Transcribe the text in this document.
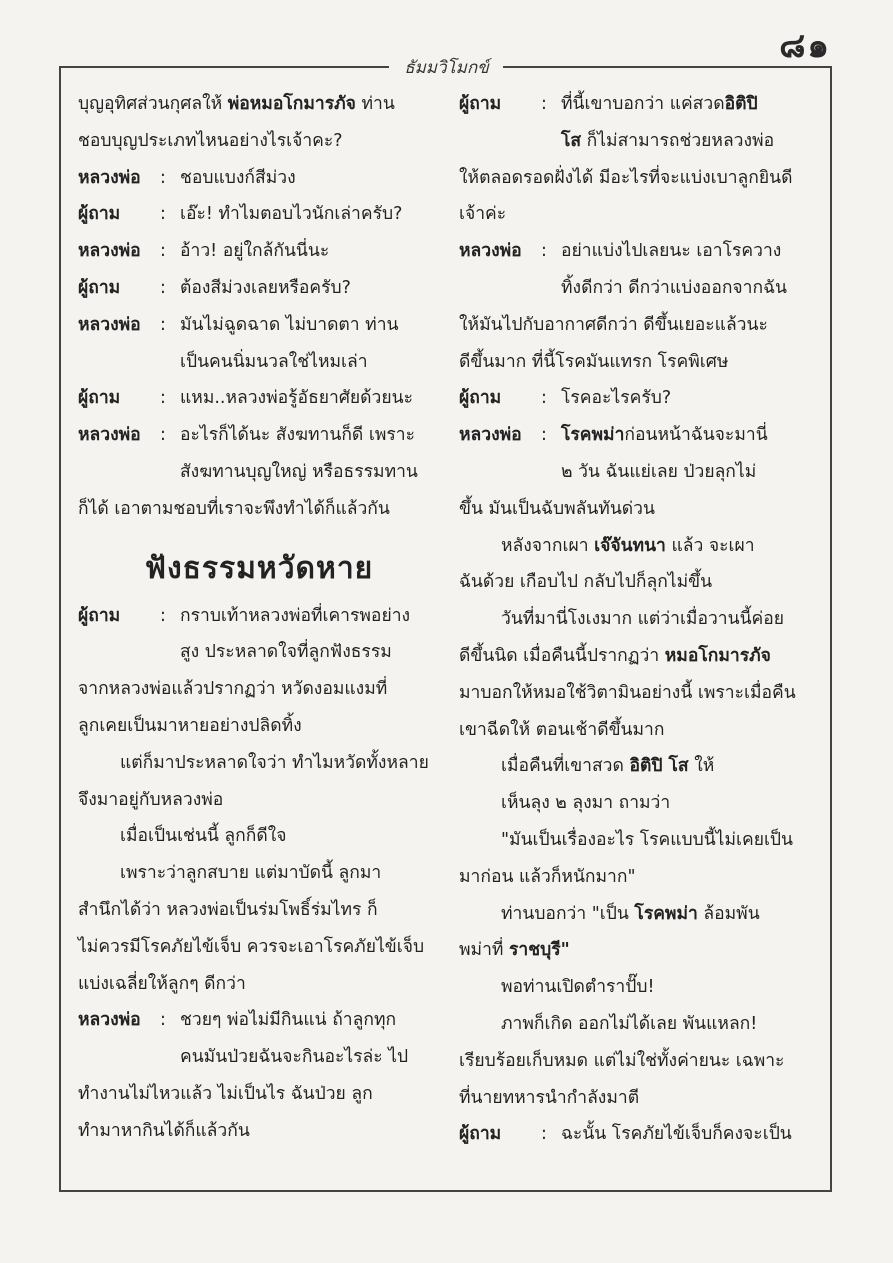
๘๑
ธัมมวิโมกข์
บุญอุทิศส่วนกุศลให้ พ่อหมอโกมารภัจ ท่าน
ชอบบุญประเภทไหนอย่างไรเจ้าคะ?
หลวงพ่อ	: ชอบแบงก์สีม่วง
ผู้ถาม	: เอ๊ะ! ทำไมตอบไวนักเล่าครับ?
หลวงพ่อ	: อ้าว! อยู่ใกล้กันนี่นะ
ผู้ถาม	: ต้องสีม่วงเลยหรือครับ?
หลวงพ่อ	: มันไม่ฉูดฉาด ไม่บาดตา ท่าน
เป็นคนนิ่มนวลใช่ไหมเล่า
ผู้ถาม	: แหม..หลวงพ่อรู้อัธยาศัยด้วยนะ
หลวงพ่อ	: อะไรก็ได้นะ สังฆทานก็ดี เพราะ
สังฆทานบุญใหญ่ หรือธรรมทาน
ก็ได้ เอาตามชอบที่เราจะพึงทำได้ก็แล้วกัน
ฟังธรรมหวัดหาย
ผู้ถาม	: กราบเท้าหลวงพ่อที่เคารพอย่าง
สูง ประหลาดใจที่ลูกฟังธรรม
จากหลวงพ่อแล้วปรากฏว่า หวัดงอมแงมที่
ลูกเคยเป็นมาหายอย่างปลิดทิ้ง
แต่ก็มาประหลาดใจว่า ทำไมหวัดทั้งหลาย
จึงมาอยู่กับหลวงพ่อ
เมื่อเป็นเช่นนี้ ลูกก็ดีใจ
เพราะว่าลูกสบาย แต่มาบัดนี้ ลูกมา
สำนึกได้ว่า หลวงพ่อเป็นร่มโพธิ์ร่มไทร ก็
ไม่ควรมีโรคภัยไข้เจ็บ ควรจะเอาโรคภัยไข้เจ็บ
แบ่งเฉลี่ยให้ลูกๆ ดีกว่า
หลวงพ่อ	: ชวยๆ พ่อไม่มีกินแน่ ถ้าลูกทุก
คนมันป่วยฉันจะกินอะไรล่ะ ไป
ทำงานไม่ไหวแล้ว ไม่เป็นไร ฉันป่วย ลูก
ทำมาหากินได้ก็แล้วกัน
ผู้ถาม	: ที่นี้เขาบอกว่า แค่สวด อิติปิ
โส ก็ไม่สามารถช่วยหลวงพ่อ
ให้ตลอดรอดฝั่งได้ มีอะไรที่จะแบ่งเบาลูกยินดี
เจ้าค่ะ
หลวงพ่อ	: อย่าแบ่งไปเลยนะ เอาโรควาง
ทิ้งดีกว่า ดีกว่าแบ่งออกจากฉัน
ให้มันไปกับอากาศดีกว่า ดีขึ้นเยอะแล้วนะ
ดีขึ้นมาก ที่นี้โรคมันแทรก โรคพิเศษ
ผู้ถาม	: โรคอะไรครับ?
หลวงพ่อ	: โรคพม่า ก่อนหน้าฉันจะมานี่
๒ วัน ฉันแย่เลย ป่วยลุกไม่
ขึ้น มันเป็นฉับพลันทันด่วน
หลังจากเผา เจ๊จันทนา แล้ว จะเผา
ฉันด้วย เกือบไป กลับไปก็ลุกไม่ขึ้น
วันที่มานี่โงเงมาก แต่ว่าเมื่อวานนี้ค่อย
ดีขึ้นนิด เมื่อคืนนี้ปรากฏว่า หมอโกมารภัจ
มาบอกให้หมอใช้วิตามินอย่างนี้ เพราะเมื่อคืน
เขาฉีดให้ ตอนเช้าดีขึ้นมาก
เมื่อคืนที่เขาสวด อิติปิ โส ให้
เห็นลุง ๒ ลุงมา ถามว่า
"มันเป็นเรื่องอะไร โรคแบบนี้ไม่เคยเป็น
มาก่อน แล้วก็หนักมาก"
ท่านบอกว่า "เป็น โรคพม่า ล้อมพัน
พม่าที่ ราชบุรี"
พอท่านเปิดตำราปั๊บ!
ภาพก็เกิด ออกไม่ได้เลย พันแหลก!
เรียบร้อยเก็บหมด แต่ไม่ใช่ทั้งค่ายนะ เฉพาะ
ที่นายทหารนำกำลังมาตี
ผู้ถาม	: ฉะนั้น โรคภัยไข้เจ็บก็คงจะเป็น
